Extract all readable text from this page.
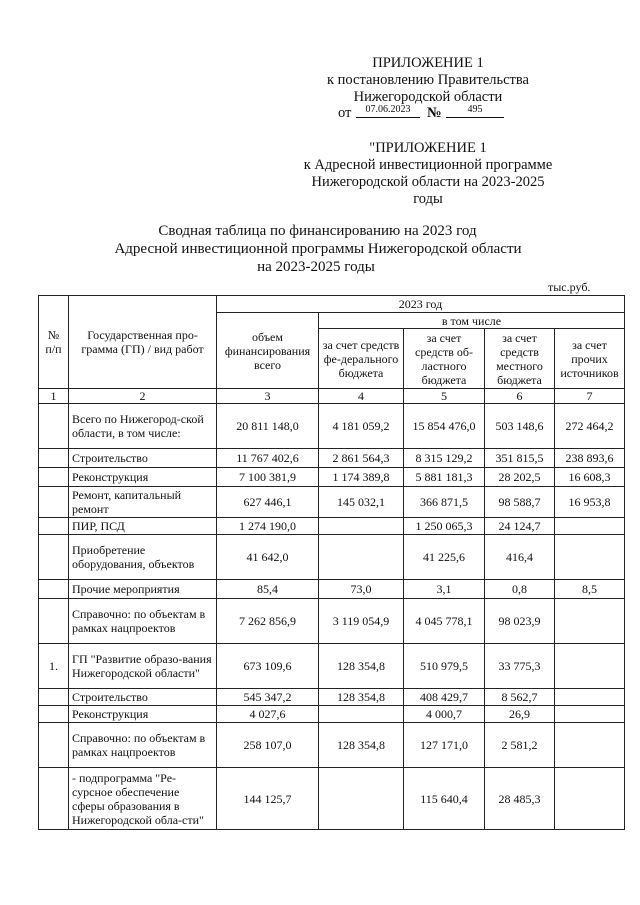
ПРИЛОЖЕНИЕ 1
к постановлению Правительства
Нижегородской области
от	07.06.2023	№	495
"ПРИЛОЖЕНИЕ 1
к Адресной инвестиционной программе
Нижегородской области на 2023-2025
годы
Сводная таблица по финансированию на 2023 год
Адресной инвестиционной программы Нижегородской области
на 2023-2025 годы
тыс.руб.
№ п/п	Государственная про-грамма (ГП) / вид работ	2023 год				
		объем финансирования всего	в том числе			
			за счет средств фе-дерального бюджета	за счет средств об-ластного бюджета	за счет средств местного бюджета	за счет прочих источников
1	2	3	4	5	6	7
	Всего по Нижегород-ской области, в том числе:	20 811 148,0	4 181 059,2	15 854 476,0	503 148,6	272 464,2
	Строительство	11 767 402,6	2 861 564,3	8 315 129,2	351 815,5	238 893,6
	Реконструкция	7 100 381,9	1 174 389,8	5 881 181,3	28 202,5	16 608,3
	Ремонт, капитальный ремонт	627 446,1	145 032,1	366 871,5	98 588,7	16 953,8
	ПИР, ПСД	1 274 190,0		1 250 065,3	24 124,7	
	Приобретение оборудования, объектов	41 642,0		41 225,6	416,4	
	Прочие мероприятия	85,4	73,0	3,1	0,8	8,5
	Справочно: по объектам в рамках нацпроектов	7 262 856,9	3 119 054,9	4 045 778,1	98 023,9	
1.	ГП "Развитие образо-вания Нижегородской области"	673 109,6	128 354,8	510 979,5	33 775,3	
	Строительство	545 347,2	128 354,8	408 429,7	8 562,7	
	Реконструкция	4 027,6		4 000,7	26,9	
	Справочно: по объектам в рамках нацпроектов	258 107,0	128 354,8	127 171,0	2 581,2	
	- подпрограмма "Ре-сурсное обеспечение сферы образования в Нижегородской обла-сти"	144 125,7		115 640,4	28 485,3	
